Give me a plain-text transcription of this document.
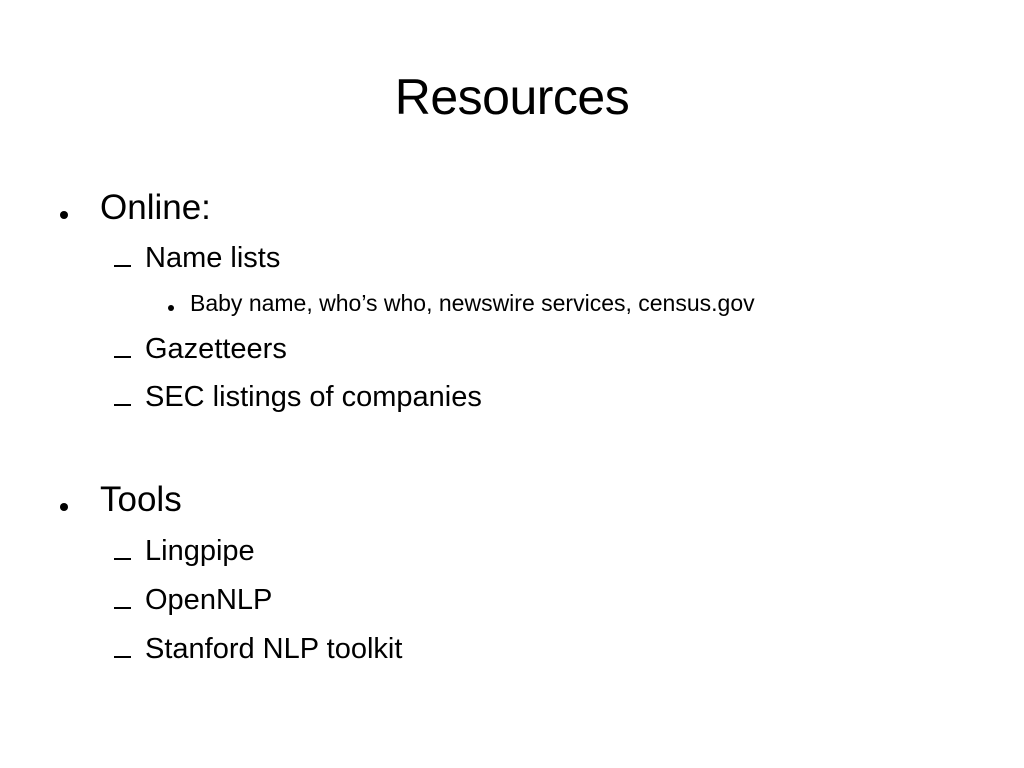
Resources
Online:
Name lists
Baby name, who’s who, newswire services, census.gov
Gazetteers
SEC listings of companies
Tools
Lingpipe
OpenNLP
Stanford NLP toolkit
